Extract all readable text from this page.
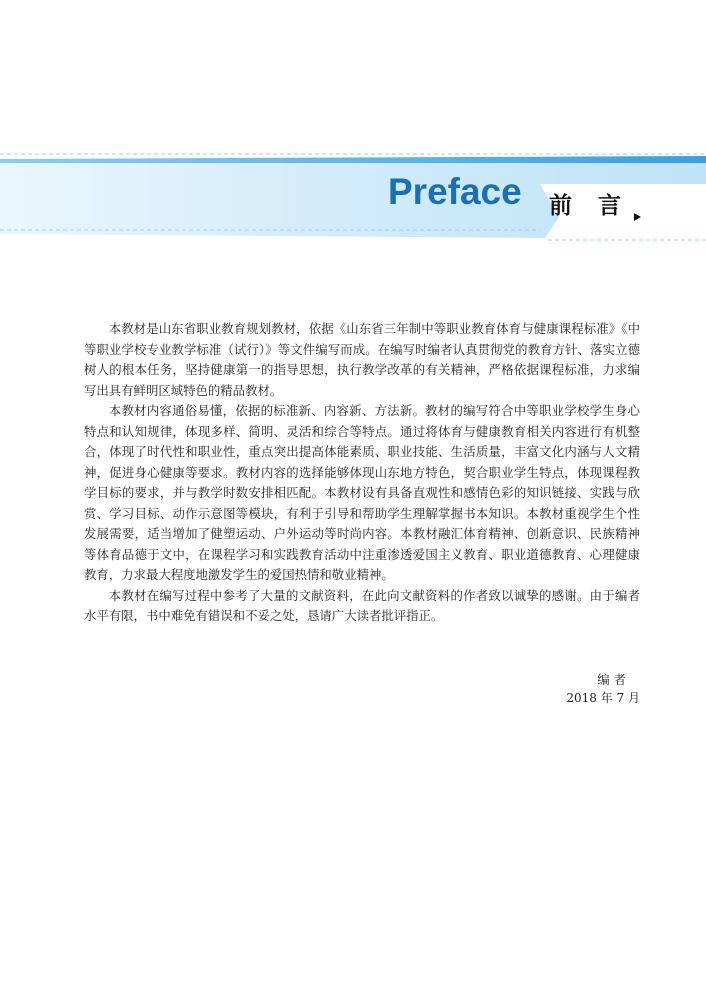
Preface 前 言

本教材是山东省职业教育规划教材，依据《山东省三年制中等职业教育体育与健康课程标准》《中等职业学校专业教学标准（试行）》等文件编写而成。在编写时编者认真贯彻党的教育方针、落实立德树人的根本任务，坚持健康第一的指导思想，执行教学改革的有关精神，严格依据课程标准，力求编写出具有鲜明区域特色的精品教材。

本教材内容通俗易懂，依据的标准新、内容新、方法新。教材的编写符合中等职业学校学生身心特点和认知规律，体现多样、简明、灵活和综合等特点。通过将体育与健康教育相关内容进行有机整合，体现了时代性和职业性，重点突出提高体能素质、职业技能、生活质量，丰富文化内涵与人文精神，促进身心健康等要求。教材内容的选择能够体现山东地方特色，契合职业学生特点，体现课程教学目标的要求，并与教学时数安排相匹配。本教材设有具备直观性和感情色彩的知识链接、实践与欣赏、学习目标、动作示意图等模块，有利于引导和帮助学生理解掌握书本知识。本教材重视学生个性发展需要，适当增加了健塑运动、户外运动等时尚内容。本教材融汇体育精神、创新意识、民族精神等体育品德于文中，在课程学习和实践教育活动中注重渗透爱国主义教育、职业道德教育、心理健康教育，力求最大程度地激发学生的爱国热情和敬业精神。

本教材在编写过程中参考了大量的文献资料，在此向文献资料的作者致以诚挚的感谢。由于编者水平有限，书中难免有错误和不妥之处，恳请广大读者批评指正。

编者
2018 年 7 月
